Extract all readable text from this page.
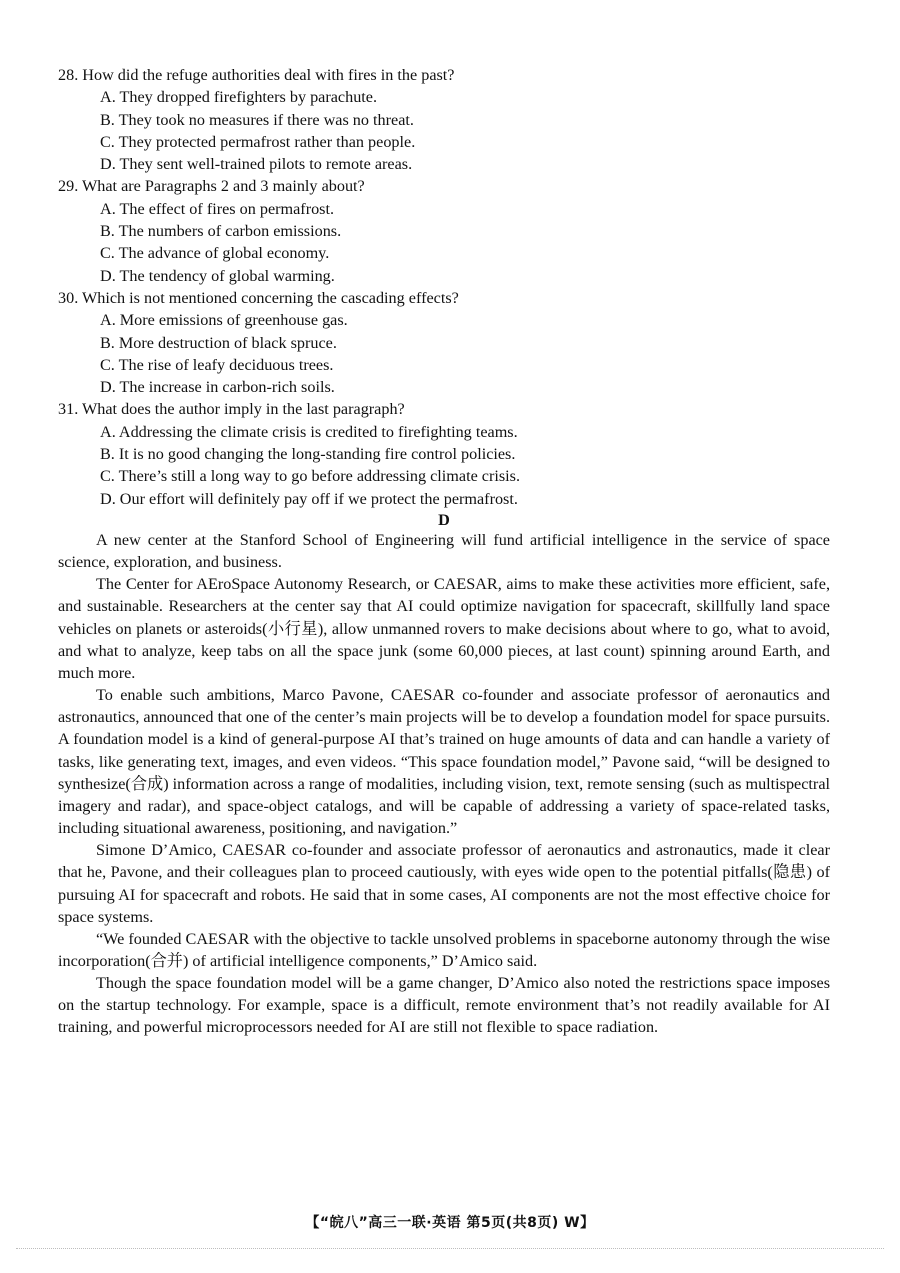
28. How did the refuge authorities deal with fires in the past?
A. They dropped firefighters by parachute.
B. They took no measures if there was no threat.
C. They protected permafrost rather than people.
D. They sent well-trained pilots to remote areas.
29. What are Paragraphs 2 and 3 mainly about?
A. The effect of fires on permafrost.
B. The numbers of carbon emissions.
C. The advance of global economy.
D. The tendency of global warming.
30. Which is not mentioned concerning the cascading effects?
A. More emissions of greenhouse gas.
B. More destruction of black spruce.
C. The rise of leafy deciduous trees.
D. The increase in carbon-rich soils.
31. What does the author imply in the last paragraph?
A. Addressing the climate crisis is credited to firefighting teams.
B. It is no good changing the long-standing fire control policies.
C. There’s still a long way to go before addressing climate crisis.
D. Our effort will definitely pay off if we protect the permafrost.
D

A new center at the Stanford School of Engineering will fund artificial intelligence in the service of space science, exploration, and business.

The Center for AEroSpace Autonomy Research, or CAESAR, aims to make these activities more efficient, safe, and sustainable. Researchers at the center say that AI could optimize navigation for spacecraft, skillfully land space vehicles on planets or asteroids(小行星), allow unmanned rovers to make decisions about where to go, what to avoid, and what to analyze, keep tabs on all the space junk (some 60,000 pieces, at last count) spinning around Earth, and much more.

To enable such ambitions, Marco Pavone, CAESAR co-founder and associate professor of aeronautics and astronautics, announced that one of the center’s main projects will be to develop a foundation model for space pursuits. A foundation model is a kind of general-purpose AI that’s trained on huge amounts of data and can handle a variety of tasks, like generating text, images, and even videos. “This space foundation model,” Pavone said, “will be designed to synthesize(合成) information across a range of modalities, including vision, text, remote sensing (such as multispectral imagery and radar), and space-object catalogs, and will be capable of addressing a variety of space-related tasks, including situational awareness, positioning, and navigation.”

Simone D’Amico, CAESAR co-founder and associate professor of aeronautics and astronautics, made it clear that he, Pavone, and their colleagues plan to proceed cautiously, with eyes wide open to the potential pitfalls(隐患) of pursuing AI for spacecraft and robots. He said that in some cases, AI components are not the most effective choice for space systems.

“We founded CAESAR with the objective to tackle unsolved problems in spaceborne autonomy through the wise incorporation(合并) of artificial intelligence components,” D’Amico said.

Though the space foundation model will be a game changer, D’Amico also noted the restrictions space imposes on the startup technology. For example, space is a difficult, remote environment that’s not readily available for AI training, and powerful microprocessors needed for AI are still not flexible to space radiation.

【“皖八”高三一联·英语 第5页(共8页) W】
